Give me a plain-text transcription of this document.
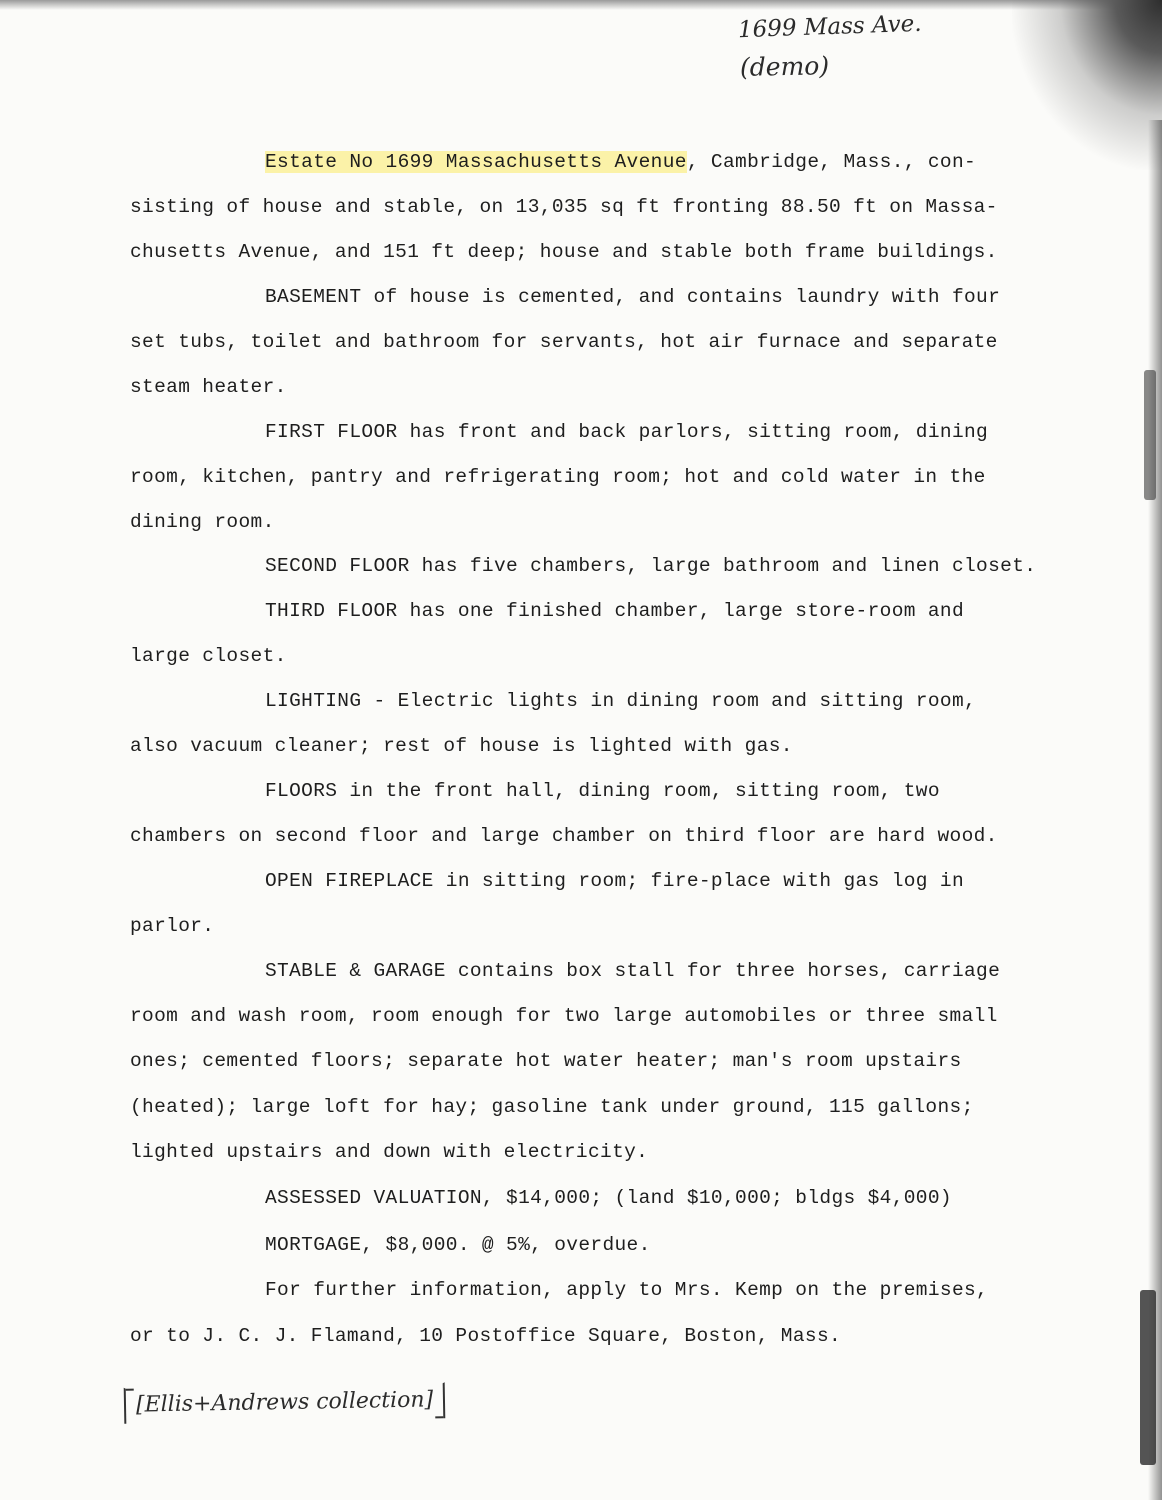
1699 Mass Ave.
(demo)
Estate No 1699 Massachusetts Avenue, Cambridge, Mass., con-
sisting of house and stable, on 13,035 sq ft fronting 88.50 ft on Massa-
chusetts Avenue, and 151 ft deep; house and stable both frame buildings.
BASEMENT of house is cemented, and contains laundry with four
set tubs, toilet and bathroom for servants, hot air furnace and separate
steam heater.
FIRST FLOOR has front and back parlors, sitting room, dining
room, kitchen, pantry and refrigerating room; hot and cold water in the
dining room.
SECOND FLOOR has five chambers, large bathroom and linen closet.
THIRD FLOOR has one finished chamber, large store-room and
large closet.
LIGHTING - Electric lights in dining room and sitting room,
also vacuum cleaner; rest of house is lighted with gas.
FLOORS in the front hall, dining room, sitting room, two
chambers on second floor and large chamber on third floor are hard wood.
OPEN FIREPLACE in sitting room; fire-place with gas log in
parlor.
STABLE & GARAGE contains box stall for three horses, carriage
room and wash room, room enough for two large automobiles or three small
ones; cemented floors; separate hot water heater; man's room upstairs
(heated); large loft for hay; gasoline tank under ground, 115 gallons;
lighted upstairs and down with electricity.
ASSESSED VALUATION, $14,000; (land $10,000; bldgs $4,000)
MORTGAGE, $8,000. @ 5%, overdue.
For further information, apply to Mrs. Kemp on the premises,
or to J. C. J. Flamand, 10 Postoffice Square, Boston, Mass.
[Ellis+Andrews collection]
